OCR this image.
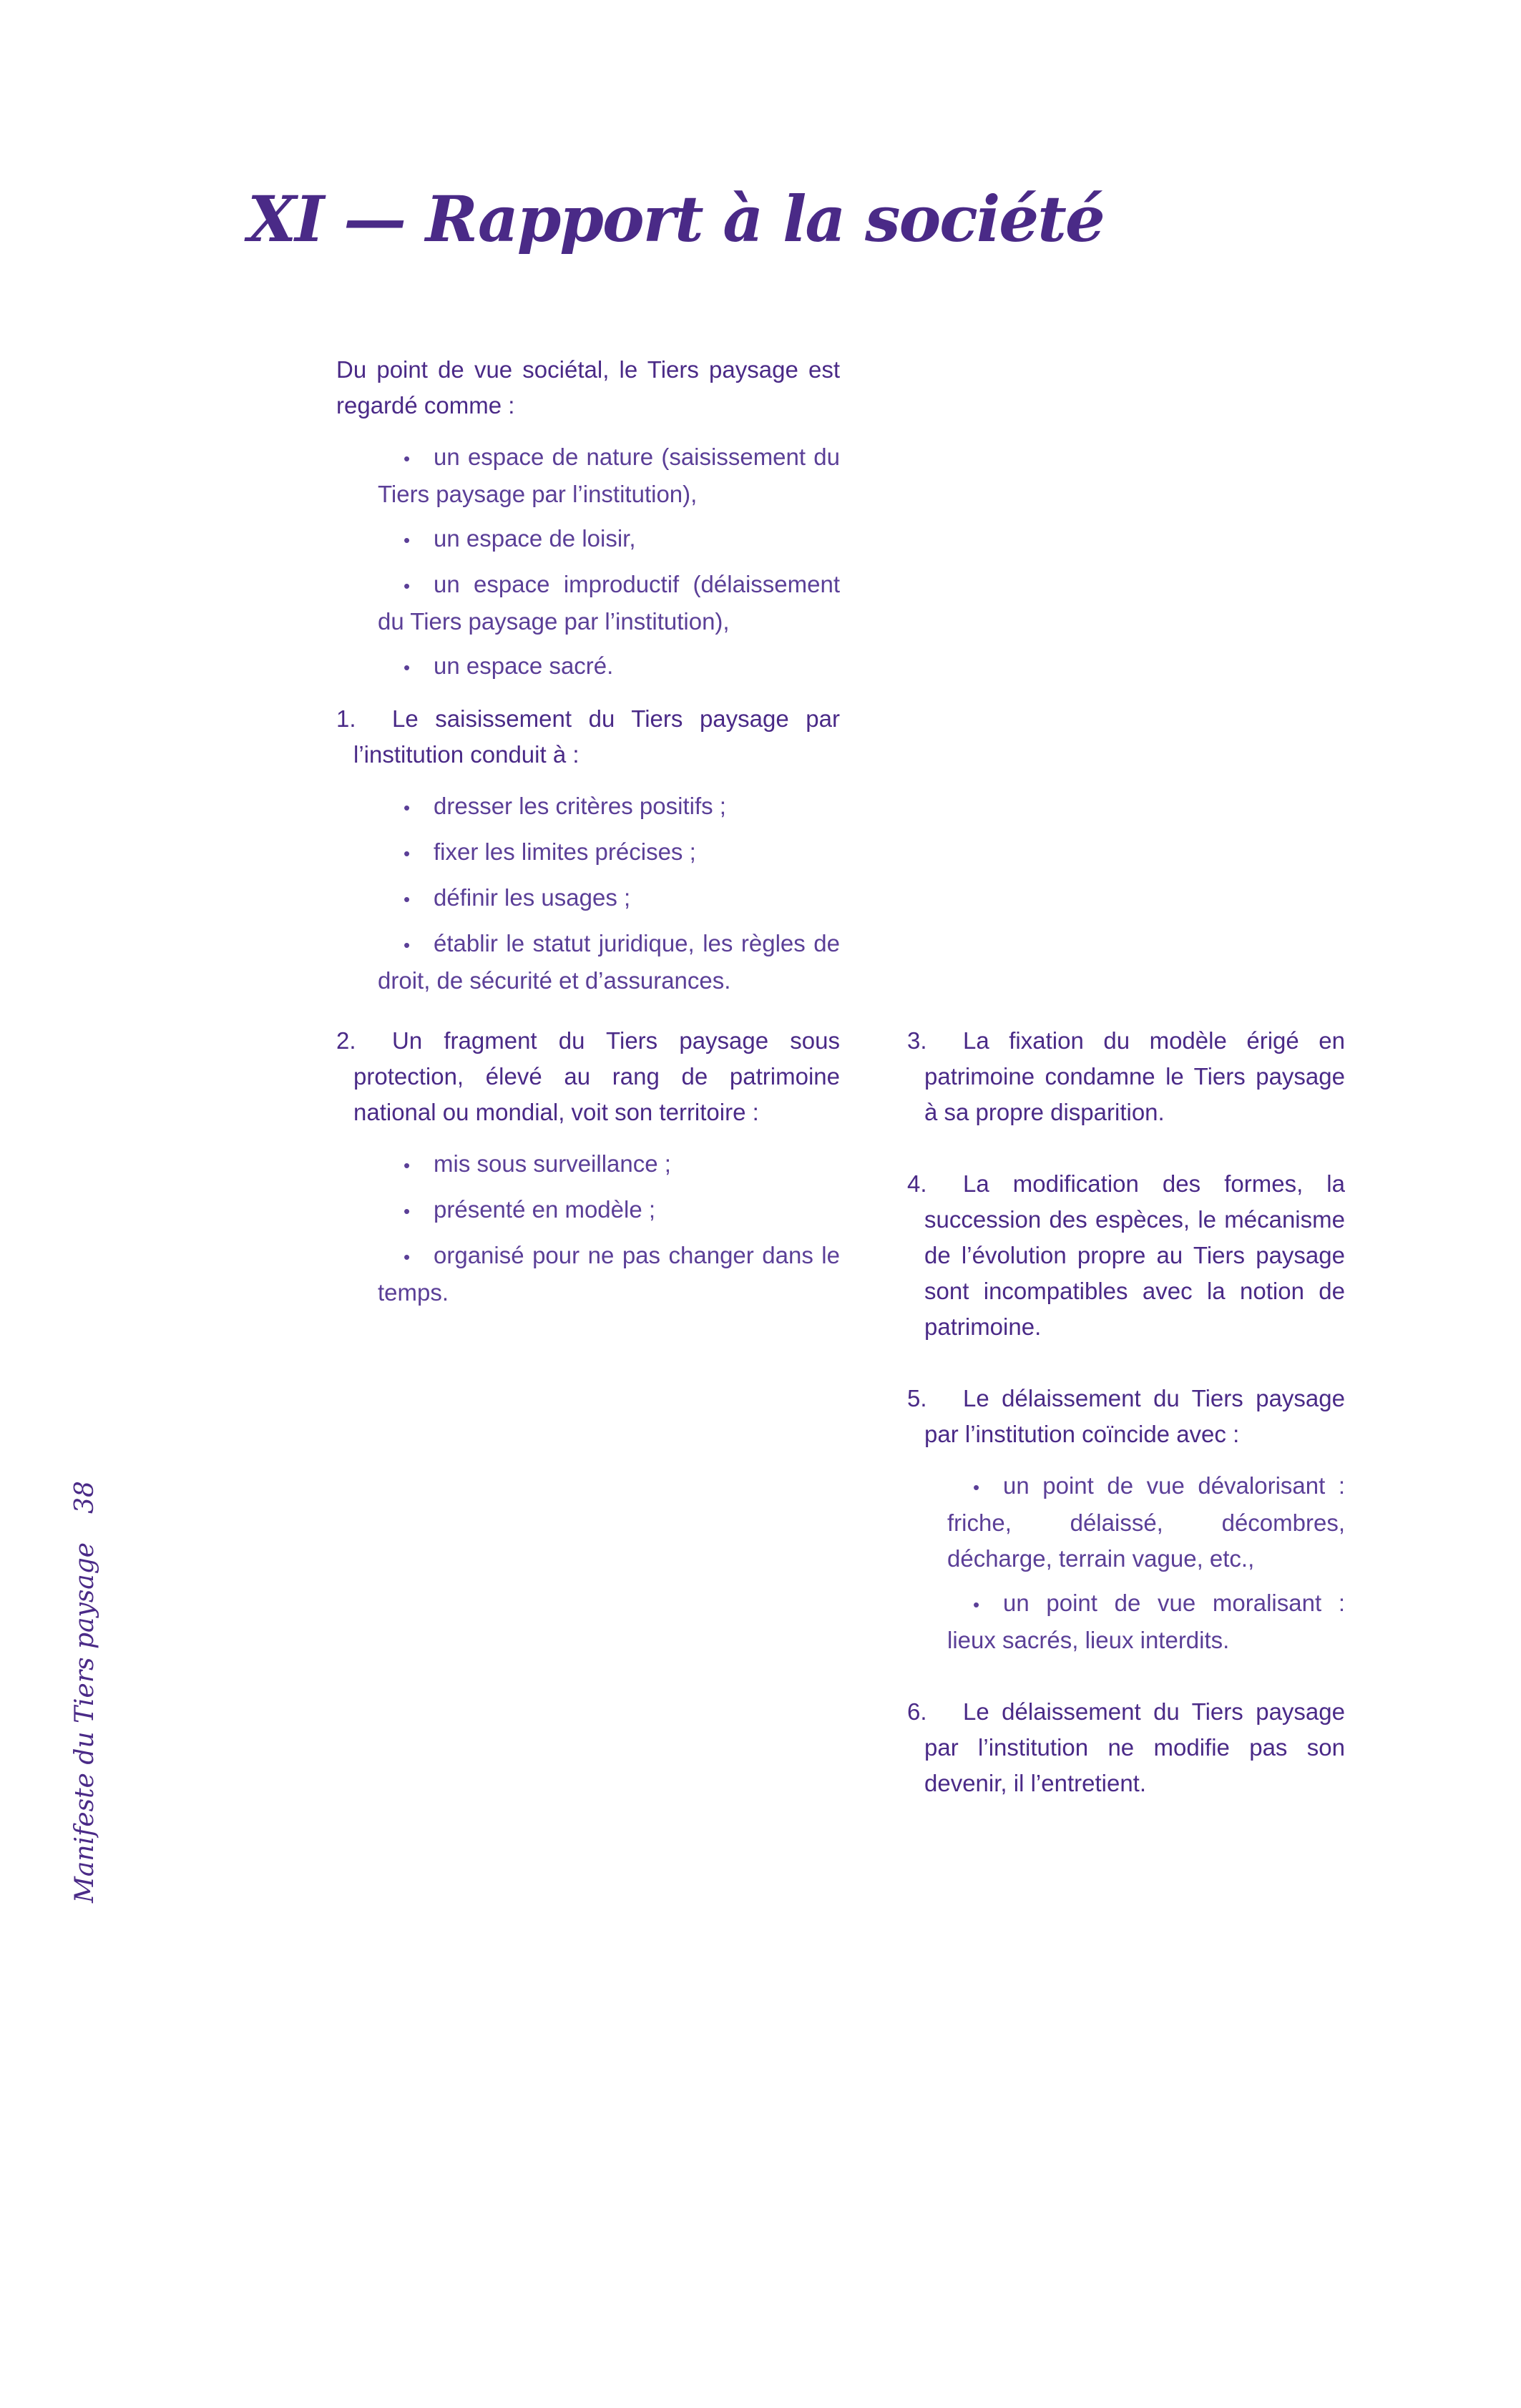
XI — Rapport à la société

Du point de vue sociétal, le Tiers paysage est regardé comme :

• un espace de nature (saisissement du Tiers paysage par l’institution),
• un espace de loisir,
• un espace improductif (délaissement du Tiers paysage par l’institution),
• un espace sacré.

1. Le saisissement du Tiers paysage par l’institution conduit à :

• dresser les critères positifs ;
• fixer les limites précises ;
• définir les usages ;
• établir le statut juridique, les règles de droit, de sécurité et d’assurances.

2. Un fragment du Tiers paysage sous protection, élevé au rang de patrimoine national ou mondial, voit son territoire :

• mis sous surveillance ;
• présenté en modèle ;
• organisé pour ne pas changer dans le temps.

3. La fixation du modèle érigé en patrimoine condamne le Tiers paysage à sa propre disparition.

4. La modification des formes, la succession des espèces, le mécanisme de l’évolution propre au Tiers paysage sont incompatibles avec la notion de patrimoine.

5. Le délaissement du Tiers paysage par l’institution coïncide avec :

• un point de vue dévalorisant : friche, délaissé, décombres, décharge, terrain vague, etc.,
• un point de vue moralisant : lieux sacrés, lieux interdits.

6. Le délaissement du Tiers paysage par l’institution ne modifie pas son devenir, il l’entretient.

Manifeste du Tiers paysage38
